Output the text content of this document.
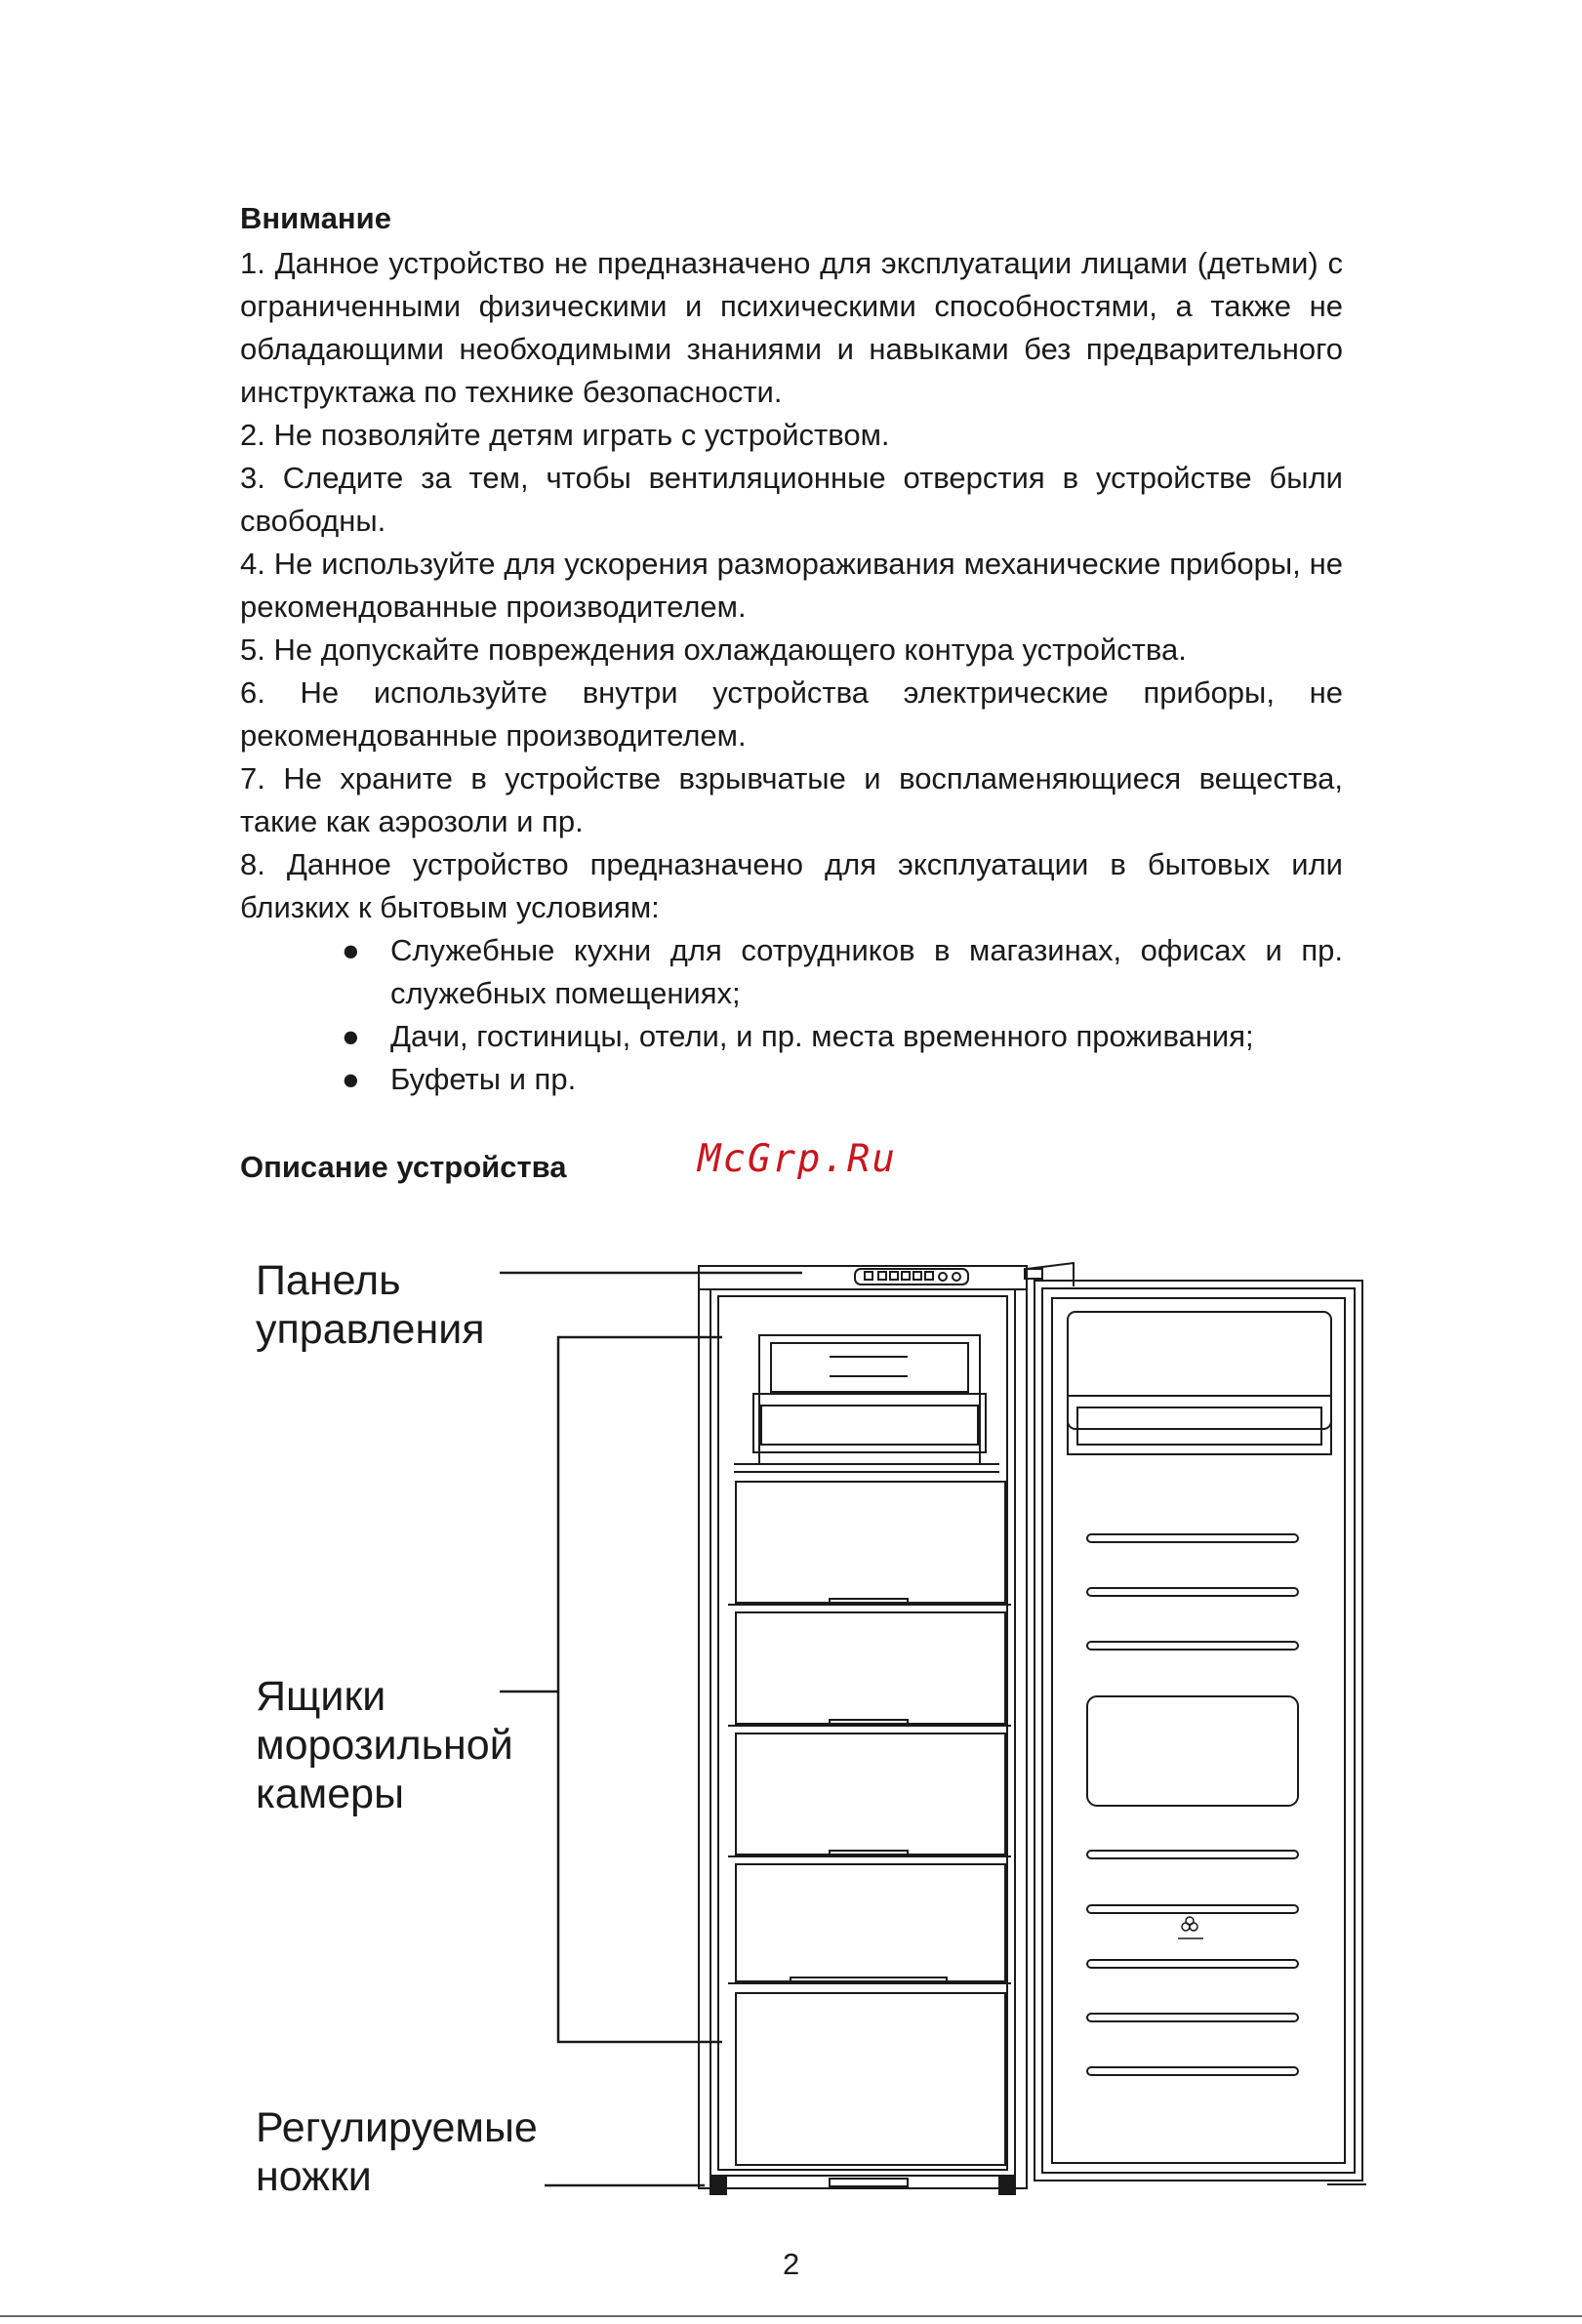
Внимание

1. Данное устройство не предназначено для эксплуатации лицами (детьми) с ограниченными физическими и психическими способностями, а также не обладающими необходимыми знаниями и навыками без предварительного инструктажа по технике безопасности.

2. Не позволяйте детям играть с устройством.

3. Следите за тем, чтобы вентиляционные отверстия в устройстве были свободны.

4. Не используйте для ускорения размораживания механические приборы, не рекомендованные производителем.

5. Не допускайте повреждения охлаждающего контура устройства.

6. Не используйте внутри устройства электрические приборы, не рекомендованные производителем.

7. Не храните в устройстве взрывчатые и воспламеняющиеся вещества, такие как аэрозоли и пр.

8. Данное устройство предназначено для эксплуатации в бытовых или близких к бытовым условиям:

● Служебные кухни для сотрудников в магазинах, офисах и пр. служебных помещениях;
● Дачи, гостиницы, отели, и пр. места временного проживания;
● Буфеты и пр.
Описание устройства	McGrp.Ru
Панель управления
Ящики морозильной камеры
Регулируемые ножки
2
